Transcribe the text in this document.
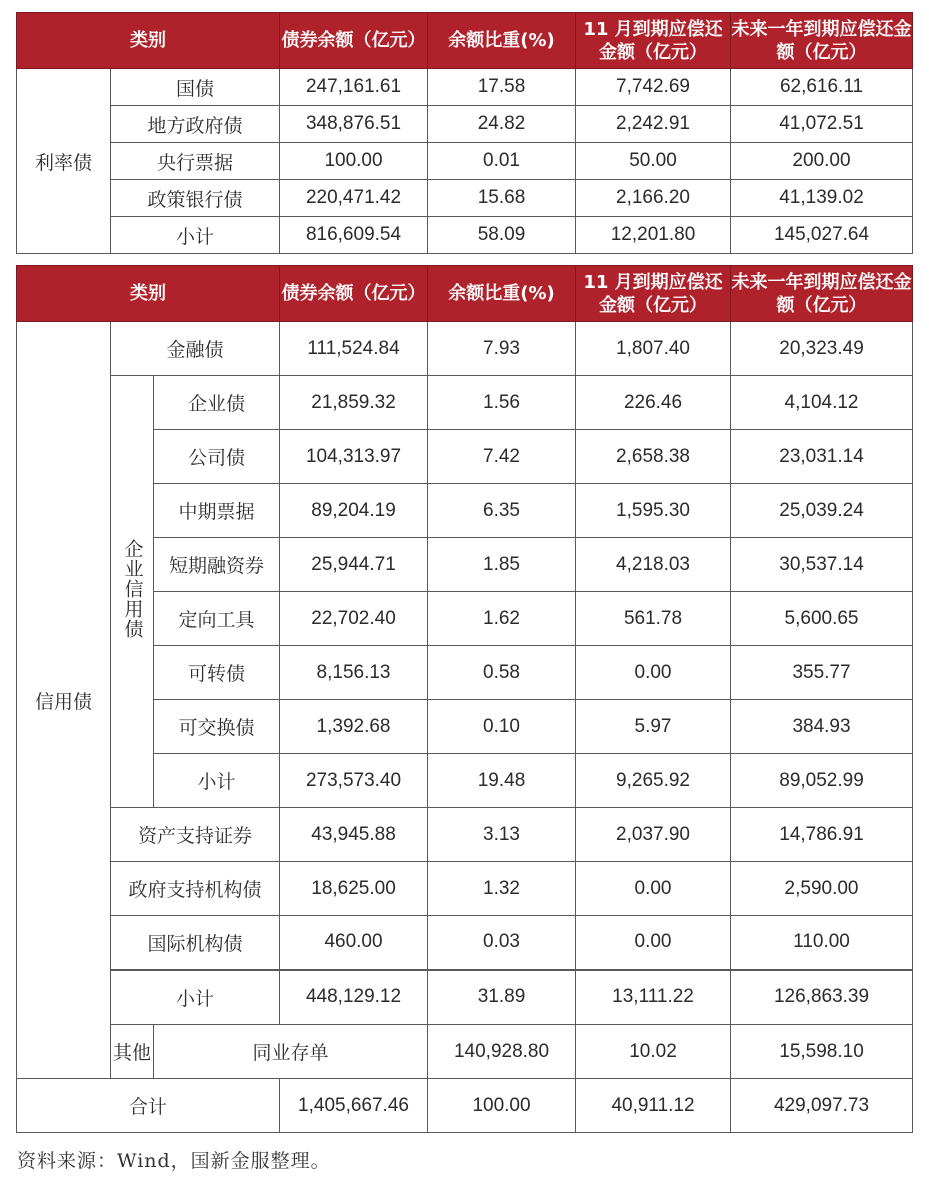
类别		债券余额（亿元）	余额比重(%)	11 月到期应偿还金额（亿元）	未来一年到期应偿还金额（亿元）
利率债	国债	247,161.61	17.58	7,742.69	62,616.11
	地方政府债	348,876.51	24.82	2,242.91	41,072.51
	央行票据	100.00	0.01	50.00	200.00
	政策银行债	220,471.42	15.68	2,166.20	41,139.02
	小计	816,609.54	58.09	12,201.80	145,027.64
类别			债券余额（亿元）	余额比重(%)	11 月到期应偿还金额（亿元）	未来一年到期应偿还金额（亿元）	
信用债	金融债		111,524.84	7.93	1,807.40	20,323.49	
	企业信用债	企业债	21,859.32	1.56	226.46	4,104.12	
		公司债	104,313.97	7.42	2,658.38	23,031.14	
		中期票据	89,204.19	6.35	1,595.30	25,039.24	
		短期融资券	25,944.71	1.85	4,218.03	30,537.14	
		定向工具	22,702.40	1.62	561.78	5,600.65	
		可转债	8,156.13	0.58	0.00	355.77	
		可交换债	1,392.68	0.10	5.97	384.93	
		小计	273,573.40	19.48	9,265.92	89,052.99	
	资产支持证券		43,945.88	3.13	2,037.90	14,786.91	
	政府支持机构债		18,625.00	1.32	0.00	2,590.00	
	国际机构债		460.00	0.03	0.00	110.00	
	小计		448,129.12	31.89	13,111.22	126,863.39	
	其他	同业存单		140,928.80	10.02	15,598.10	
合计			1,405,667.46	100.00	40,911.12	429,097.73	
资料来源：Wind，国新金服整理。
